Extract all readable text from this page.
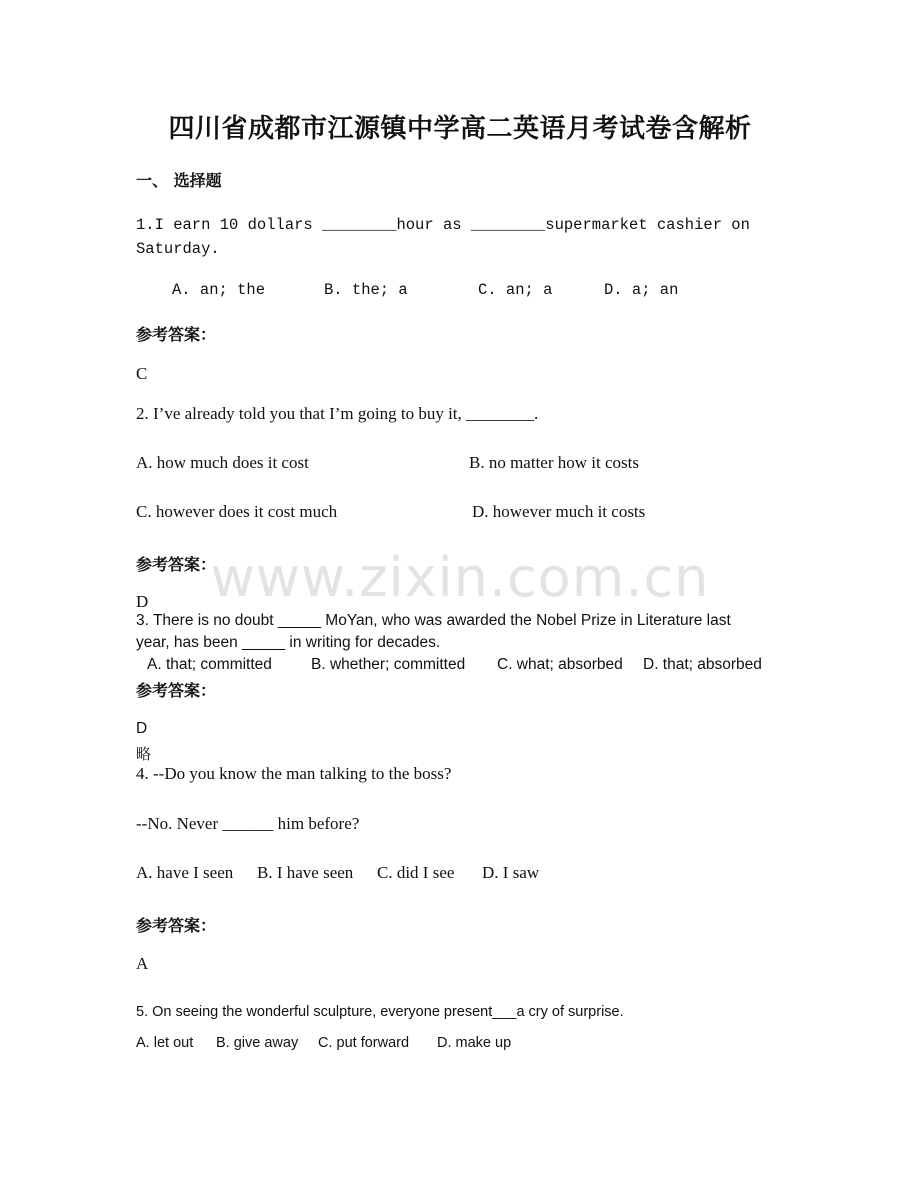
www.zixin.com.cn
四川省成都市江源镇中学高二英语月考试卷含解析
一、 选择题
1.I earn 10 dollars ________hour as ________supermarket cashier on
Saturday.
A. an; the	B. the; a	C. an; a	D. a; an
参考答案：
C
2. I’ve already told you that I’m going to buy it, ________.
A. how much does it cost	B. no matter how it costs
C. however does it cost much	D. however much it costs
参考答案：
D
3. There is no doubt _____ MoYan, who was awarded the Nobel Prize in Literature last
year, has been _____ in writing for decades.
A. that; committed	B. whether; committed C. what; absorbed D. that; absorbed
参考答案：
D
略
4. --Do you know the man talking to the boss?
--No. Never ______ him before?
A. have I seen B. I have seen C. did I see D. I saw
参考答案：
A
5. On seeing the wonderful sculpture, everyone present___a cry of surprise.
A. let out B. give away C. put forward D. make up
